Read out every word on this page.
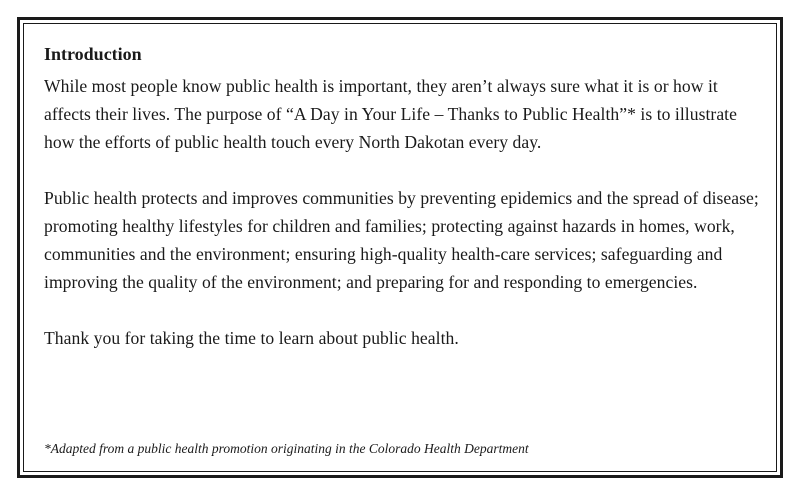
Introduction

While most people know public health is important, they aren’t always sure what it is or how it affects their lives. The purpose of “A Day in Your Life – Thanks to Public Health”* is to illustrate how the efforts of public health touch every North Dakotan every day.

Public health protects and improves communities by preventing epidemics and the spread of disease; promoting healthy lifestyles for children and families; protecting against hazards in homes, work, communities and the environment; ensuring high-quality health-care services; safeguarding and improving the quality of the environment; and preparing for and responding to emergencies.

Thank you for taking the time to learn about public health.

*Adapted from a public health promotion originating in the Colorado Health Department
